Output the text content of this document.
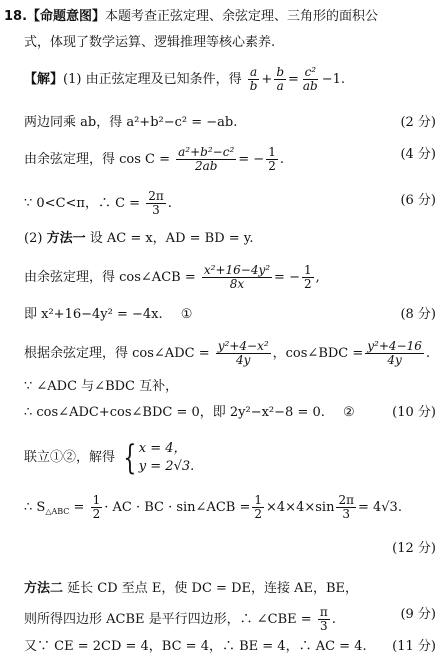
18.【命题意图】本题考查正弦定理、余弦定理、三角形的面积公
式，体现了数学运算、逻辑推理等核心素养.
【解】(1) 由正弦定理及已知条件，得 $\frac{a}{b} + \frac{b}{a} = \frac{\text{c²}}{ab} -1$.
两边同乘 ab，得 a²+b²−c² = −ab.	(2 分)
由余弦定理，得 $\cos C = \frac{\text{a²+b²−c²}}{2ab}$ = − $\frac{1}{2}$ .	(4 分)
∵ 0<C<π，∴ $C = \frac{2\pi}{3}$ .	(6 分)
(2) 方法一 设 AC = x，AD = BD = y.
由余弦定理，得 cos∠ACB = $\frac{\text{x²+16−4y²}}{8x}$ = − $\frac{1}{2}$ ,
即 x²+16−4y² = −4x. ①	(8 分)
根据余弦定理，得 cos∠ADC = $\frac{\text{y²+4−x²}}{4y}$ ，cos∠BDC = $\frac{\text{y²+4−16}}{4y}$ .
∵ ∠ADC 与∠BDC 互补，
∴ cos∠ADC+cos∠BDC = 0，即 2y²−x²−8 = 0. ②	(10 分)
联立①②，解得 { x = 4，
y = 2√3.
∴ $S_{\triangle ABC} = \frac{1}{2}$ · AC · BC · sin∠ACB = $\frac{1}{2} \times 4\times 4\times\sin \frac{2\pi}{3} = 4√3$.
(12 分)
方法二 延长 CD 至点 E，使 DC = DE，连接 AE，BE，
则所得四边形 ACBE 是平行四边形，∴ ∠CBE = $\frac{\pi}{3}$ .	(9 分)
又∵ CE = 2CD = 4，BC = 4，∴ BE = 4，∴ AC = 4. (11 分)
